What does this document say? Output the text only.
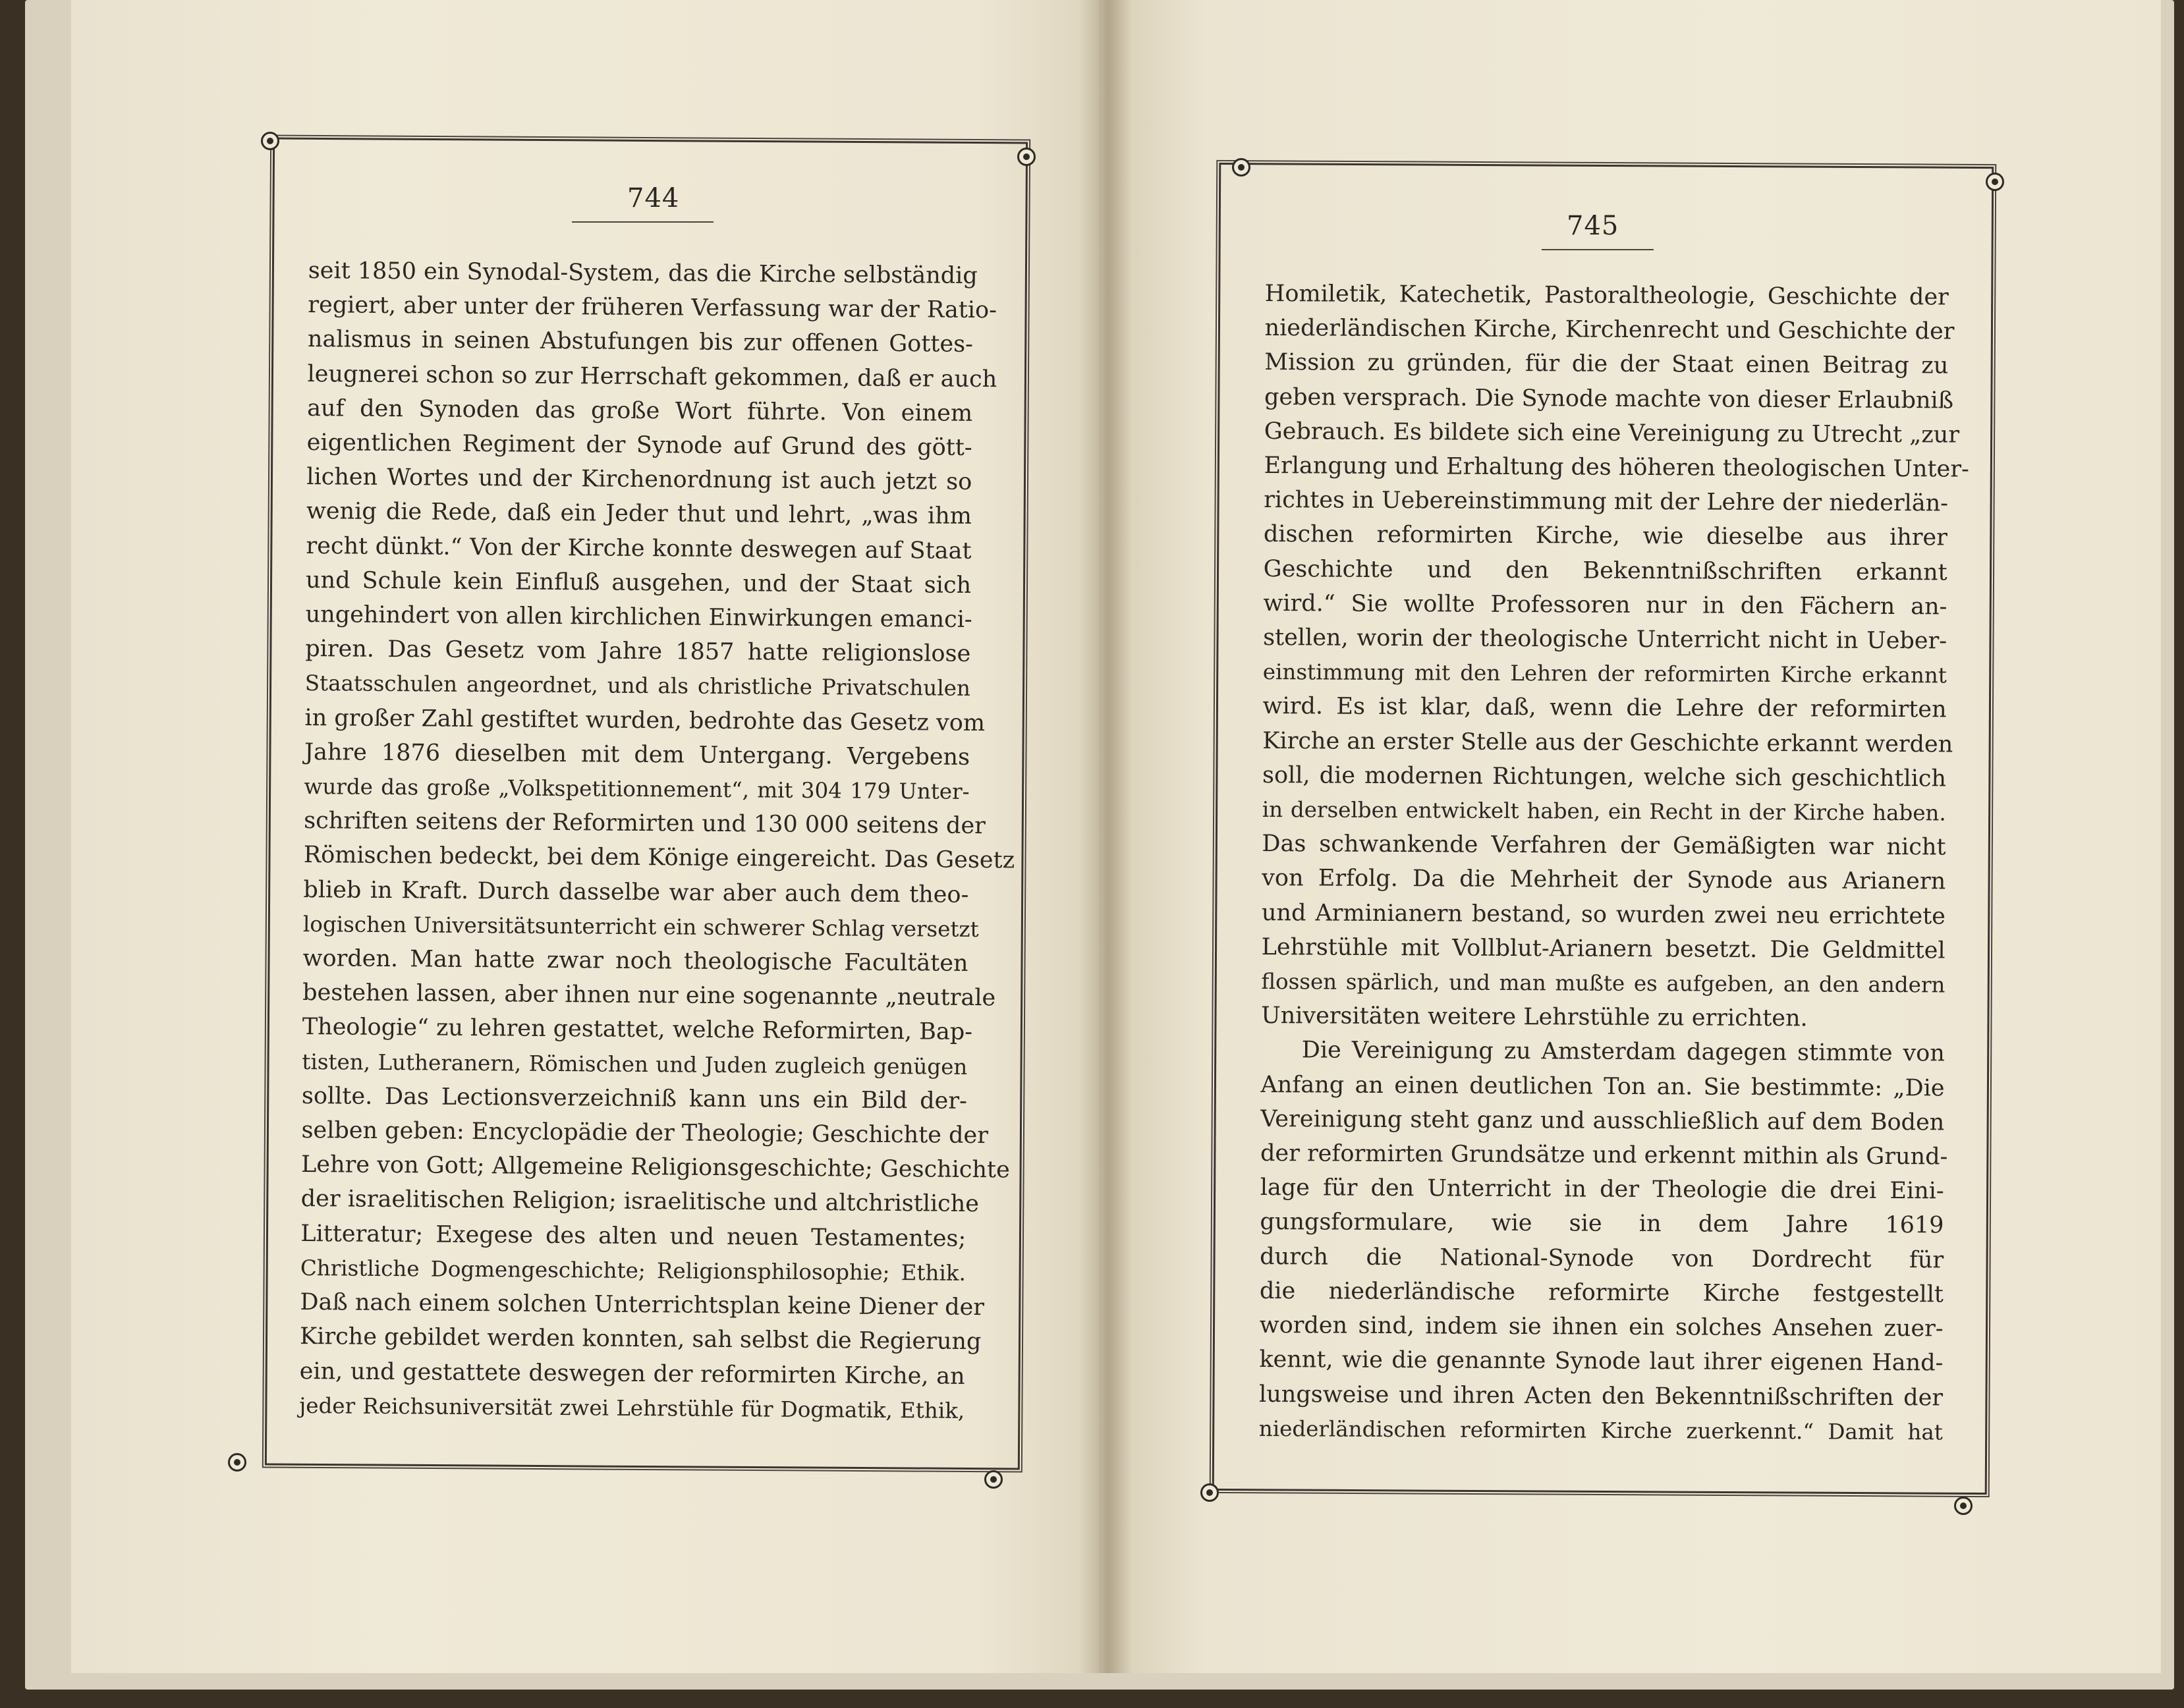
744
745
seit 1850 ein Synodal-System, das die Kirche selbständig
regiert, aber unter der früheren Verfassung war der Ratio-
nalismus in seinen Abstufungen bis zur offenen Gottes-
leugnerei schon so zur Herrschaft gekommen, daß er auch
auf den Synoden das große Wort führte. Von einem
eigentlichen Regiment der Synode auf Grund des gött-
lichen Wortes und der Kirchenordnung ist auch jetzt so
wenig die Rede, daß ein Jeder thut und lehrt, „was ihm
recht dünkt.“ Von der Kirche konnte deswegen auf Staat
und Schule kein Einfluß ausgehen, und der Staat sich
ungehindert von allen kirchlichen Einwirkungen emanci-
piren. Das Gesetz vom Jahre 1857 hatte religionslose
Staatsschulen angeordnet, und als christliche Privatschulen
in großer Zahl gestiftet wurden, bedrohte das Gesetz vom
Jahre 1876 dieselben mit dem Untergang. Vergebens
wurde das große „Volkspetitionnement“, mit 304 179 Unter-
schriften seitens der Reformirten und 130 000 seitens der
Römischen bedeckt, bei dem Könige eingereicht. Das Gesetz
blieb in Kraft. Durch dasselbe war aber auch dem theo-
logischen Universitätsunterricht ein schwerer Schlag versetzt
worden. Man hatte zwar noch theologische Facultäten
bestehen lassen, aber ihnen nur eine sogenannte „neutrale
Theologie“ zu lehren gestattet, welche Reformirten, Bap-
tisten, Lutheranern, Römischen und Juden zugleich genügen
sollte. Das Lectionsverzeichniß kann uns ein Bild der-
selben geben: Encyclopädie der Theologie; Geschichte der
Lehre von Gott; Allgemeine Religionsgeschichte; Geschichte
der israelitischen Religion; israelitische und altchristliche
Litteratur; Exegese des alten und neuen Testamentes;
Christliche Dogmengeschichte; Religionsphilosophie; Ethik.
Daß nach einem solchen Unterrichtsplan keine Diener der
Kirche gebildet werden konnten, sah selbst die Regierung
ein, und gestattete deswegen der reformirten Kirche, an
jeder Reichsuniversität zwei Lehrstühle für Dogmatik, Ethik,
Homiletik, Katechetik, Pastoraltheologie, Geschichte der
niederländischen Kirche, Kirchenrecht und Geschichte der
Mission zu gründen, für die der Staat einen Beitrag zu
geben versprach. Die Synode machte von dieser Erlaubniß
Gebrauch. Es bildete sich eine Vereinigung zu Utrecht „zur
Erlangung und Erhaltung des höheren theologischen Unter-
richtes in Uebereinstimmung mit der Lehre der niederlän-
dischen reformirten Kirche, wie dieselbe aus ihrer
Geschichte und den Bekenntnißschriften erkannt
wird.“ Sie wollte Professoren nur in den Fächern an-
stellen, worin der theologische Unterricht nicht in Ueber-
einstimmung mit den Lehren der reformirten Kirche erkannt
wird. Es ist klar, daß, wenn die Lehre der reformirten
Kirche an erster Stelle aus der Geschichte erkannt werden
soll, die modernen Richtungen, welche sich geschichtlich
in derselben entwickelt haben, ein Recht in der Kirche haben.
Das schwankende Verfahren der Gemäßigten war nicht
von Erfolg. Da die Mehrheit der Synode aus Arianern
und Arminianern bestand, so wurden zwei neu errichtete
Lehrstühle mit Vollblut-Arianern besetzt. Die Geldmittel
flossen spärlich, und man mußte es aufgeben, an den andern
Universitäten weitere Lehrstühle zu errichten.
Die Vereinigung zu Amsterdam dagegen stimmte von
Anfang an einen deutlichen Ton an. Sie bestimmte: „Die
Vereinigung steht ganz und ausschließlich auf dem Boden
der reformirten Grundsätze und erkennt mithin als Grund-
lage für den Unterricht in der Theologie die drei Eini-
gungsformulare, wie sie in dem Jahre 1619
durch die National-Synode von Dordrecht für
die niederländische reformirte Kirche festgestellt
worden sind, indem sie ihnen ein solches Ansehen zuer-
kennt, wie die genannte Synode laut ihrer eigenen Hand-
lungsweise und ihren Acten den Bekenntnißschriften der
niederländischen reformirten Kirche zuerkennt.“ Damit hat
